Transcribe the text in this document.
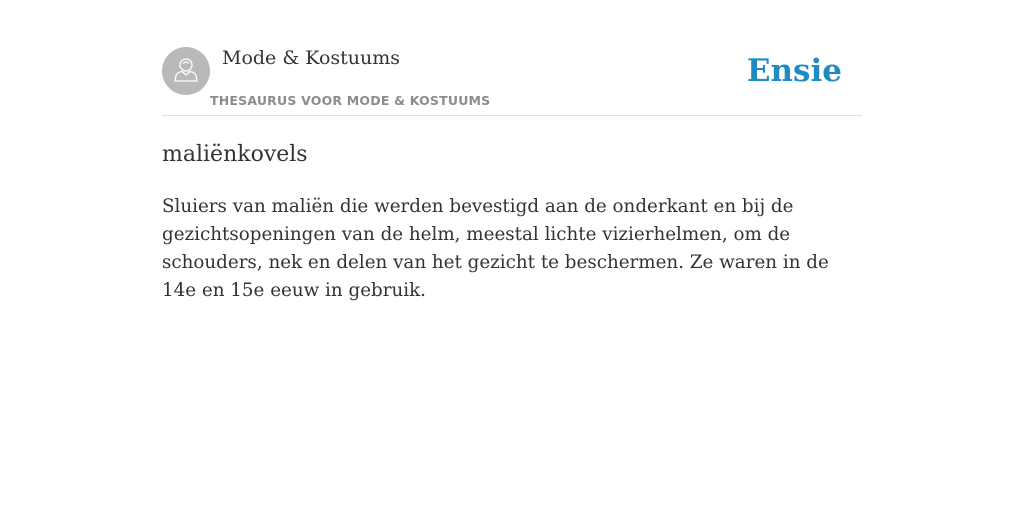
Mode & Kostuums
THESAURUS VOOR MODE & KOSTUUMS
Ensie
maliënkovels
Sluiers van maliën die werden bevestigd aan de onderkant en bij de gezichtsopeningen van de helm, meestal lichte vizierhelmen, om de schouders, nek en delen van het gezicht te beschermen. Ze waren in de 14e en 15e eeuw in gebruik.
